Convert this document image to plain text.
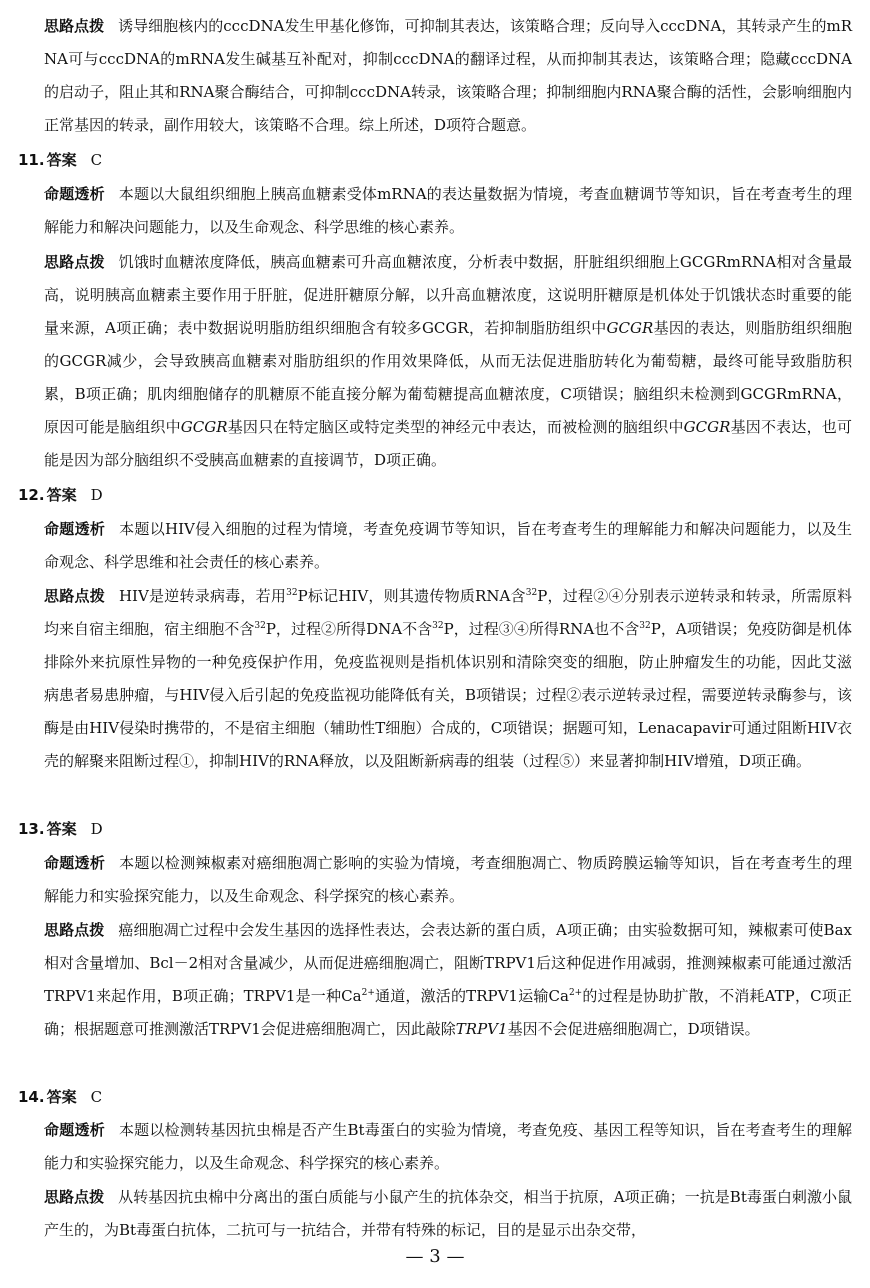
思路点拨 诱导细胞核内的cccDNA发生甲基化修饰，可抑制其表达，该策略合理；反向导入cccDNA，其转录产生的mRNA可与cccDNA的mRNA发生碱基互补配对，抑制cccDNA的翻译过程，从而抑制其表达，该策略合理；隐藏cccDNA的启动子，阻止其和RNA聚合酶结合，可抑制cccDNA转录，该策略合理；抑制细胞内RNA聚合酶的活性，会影响细胞内正常基因的转录，副作用较大，该策略不合理。综上所述，D项符合题意。
11. 答案 C
命题透析 本题以大鼠组织细胞上胰高血糖素受体mRNA的表达量数据为情境，考查血糖调节等知识，旨在考查考生的理解能力和解决问题能力，以及生命观念、科学思维的核心素养。
思路点拨 饥饿时血糖浓度降低，胰高血糖素可升高血糖浓度，分析表中数据，肝脏组织细胞上GCGRmRNA相对含量最高，说明胰高血糖素主要作用于肝脏，促进肝糖原分解，以升高血糖浓度，这说明肝糖原是机体处于饥饿状态时重要的能量来源，A项正确；表中数据说明脂肪组织细胞含有较多GCGR，若抑制脂肪组织中GCGR基因的表达，则脂肪组织细胞的GCGR减少，会导致胰高血糖素对脂肪组织的作用效果降低，从而无法促进脂肪转化为葡萄糖，最终可能导致脂肪积累，B项正确；肌肉细胞储存的肌糖原不能直接分解为葡萄糖提高血糖浓度，C项错误；脑组织未检测到GCGRmRNA，原因可能是脑组织中GCGR基因只在特定脑区或特定类型的神经元中表达，而被检测的脑组织中GCGR基因不表达，也可能是因为部分脑组织不受胰高血糖素的直接调节，D项正确。
12. 答案 D
命题透析 本题以HIV侵入细胞的过程为情境，考查免疫调节等知识，旨在考查考生的理解能力和解决问题能力，以及生命观念、科学思维和社会责任的核心素养。
思路点拨 HIV是逆转录病毒，若用$^{32}$P标记HIV，则其遗传物质RNA含$^{32}$P，过程②④分别表示逆转录和转录，所需原料均来自宿主细胞，宿主细胞不含$^{32}$P，过程②所得DNA不含$^{32}$P，过程③④所得RNA也不含$^{32}$P，A项错误；免疫防御是机体排除外来抗原性异物的一种免疫保护作用，免疫监视则是指机体识别和清除突变的细胞，防止肿瘤发生的功能，因此艾滋病患者易患肿瘤，与HIV侵入后引起的免疫监视功能降低有关，B项错误；过程②表示逆转录过程，需要逆转录酶参与，该酶是由HIV侵染时携带的，不是宿主细胞（辅助性T细胞）合成的，C项错误；据题可知，Lenacapavir可通过阻断HIV衣壳的解聚来阻断过程①，抑制HIV的RNA释放，以及阻断新病毒的组装（过程⑤）来显著抑制HIV增殖，D项正确。
13. 答案 D
命题透析 本题以检测辣椒素对癌细胞凋亡影响的实验为情境，考查细胞凋亡、物质跨膜运输等知识，旨在考查考生的理解能力和实验探究能力，以及生命观念、科学探究的核心素养。
思路点拨 癌细胞凋亡过程中会发生基因的选择性表达，会表达新的蛋白质，A项正确；由实验数据可知，辣椒素可使Bax相对含量增加、Bcl－2相对含量减少，从而促进癌细胞凋亡，阻断TRPV1后这种促进作用减弱，推测辣椒素可能通过激活TRPV1来起作用，B项正确；TRPV1是一种$Ca^{2+}$通道，激活的TRPV1运输$Ca^{2+}$的过程是协助扩散，不消耗ATP，C项正确；根据题意可推测激活TRPV1会促进癌细胞凋亡，因此敲除TRPV1基因不会促进癌细胞凋亡，D项错误。
14. 答案 C
命题透析 本题以检测转基因抗虫棉是否产生Bt毒蛋白的实验为情境，考查免疫、基因工程等知识，旨在考查考生的理解能力和实验探究能力，以及生命观念、科学探究的核心素养。
思路点拨 从转基因抗虫棉中分离出的蛋白质能与小鼠产生的抗体杂交，相当于抗原，A项正确；一抗是Bt毒蛋白刺激小鼠产生的，为Bt毒蛋白抗体，二抗可与一抗结合，并带有特殊的标记，目的是显示出杂交带，
— 3 —
